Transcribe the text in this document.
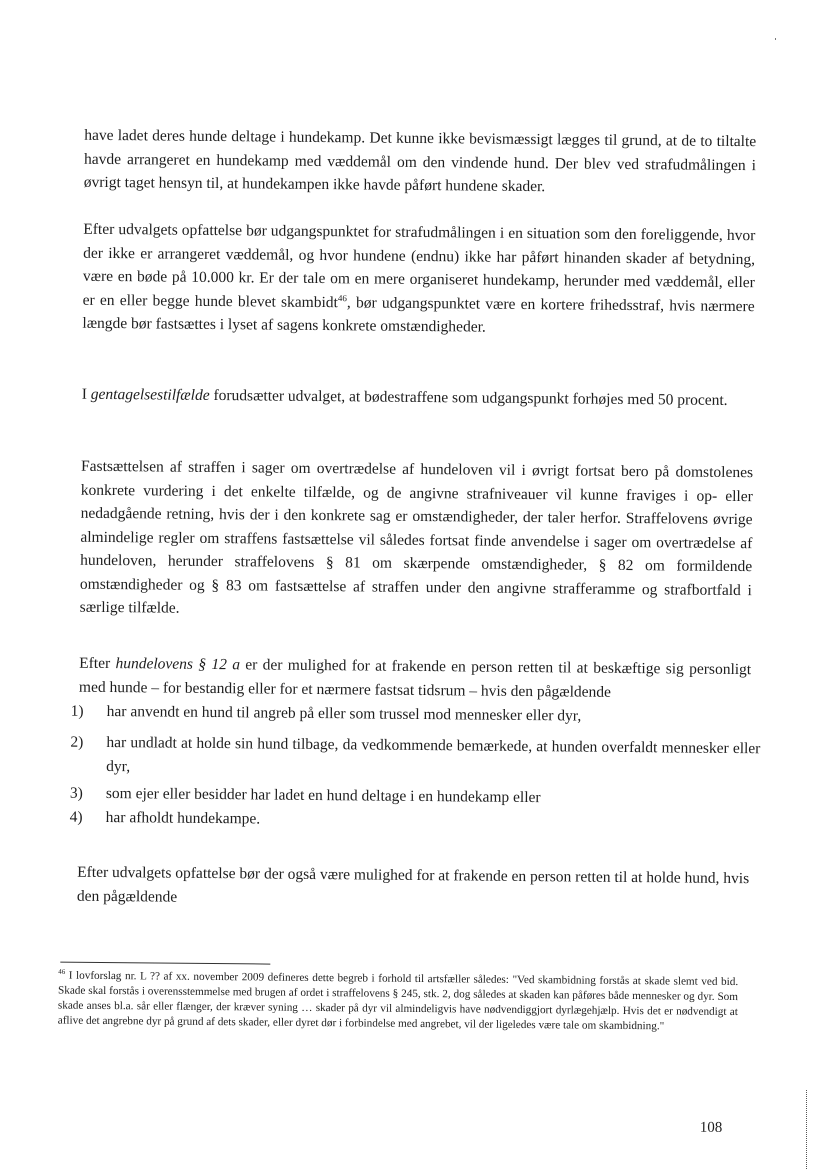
have ladet deres hunde deltage i hundekamp. Det kunne ikke bevismæssigt lægges til grund, at de to tiltalte havde arrangeret en hundekamp med væddemål om den vindende hund. Der blev ved strafudmålingen i øvrigt taget hensyn til, at hundekampen ikke havde påført hundene skader.

Efter udvalgets opfattelse bør udgangspunktet for strafudmålingen i en situation som den foreliggende, hvor der ikke er arrangeret væddemål, og hvor hundene (endnu) ikke har påført hinanden skader af betydning, være en bøde på 10.000 kr. Er der tale om en mere organiseret hundekamp, herunder med væddemål, eller er en eller begge hunde blevet skambidt$^{46}$, bør udgangspunktet være en kortere frihedsstraf, hvis nærmere længde bør fastsættes i lyset af sagens konkrete omstændigheder.

I gentagelsestilfælde forudsætter udvalget, at bødestraffene som udgangspunkt forhøjes med 50 procent.

Fastsættelsen af straffen i sager om overtrædelse af hundeloven vil i øvrigt fortsat bero på domstolenes konkrete vurdering i det enkelte tilfælde, og de angivne strafniveauer vil kunne fraviges i op- eller nedadgående retning, hvis der i den konkrete sag er omstændigheder, der taler herfor. Straffelovens øvrige almindelige regler om straffens fastsættelse vil således fortsat finde anvendelse i sager om overtrædelse af hundeloven, herunder straffelovens § 81 om skærpende omstændigheder, § 82 om formildende omstændigheder og § 83 om fastsættelse af straffen under den angivne strafferamme og strafbortfald i særlige tilfælde.

Efter hundelovens § 12 a er der mulighed for at frakende en person retten til at beskæftige sig personligt med hunde – for bestandig eller for et nærmere fastsat tidsrum – hvis den pågældende

1)	har anvendt en hund til angreb på eller som trussel mod mennesker eller dyr,
2)	har undladt at holde sin hund tilbage, da vedkommende bemærkede, at hunden overfaldt mennesker eller dyr,
3)	som ejer eller besidder har ladet en hund deltage i en hundekamp eller
4)	har afholdt hundekampe.

Efter udvalgets opfattelse bør der også være mulighed for at frakende en person retten til at holde hund, hvis den pågældende

$^{46}$ I lovforslag nr. L ?? af xx. november 2009 defineres dette begreb i forhold til artsfæller således: "Ved skambidning forstås at skade slemt ved bid. Skade skal forstås i overensstemmelse med brugen af ordet i straffelovens § 245, stk. 2, dog således at skaden kan påføres både mennesker og dyr. Som skade anses bl.a. sår eller flænger, der kræver syning … skader på dyr vil almindeligvis have nødvendiggjort dyrlægehjælp. Hvis det er nødvendigt at aflive det angrebne dyr på grund af dets skader, eller dyret dør i forbindelse med angrebet, vil der ligeledes være tale om skambidning."

108
